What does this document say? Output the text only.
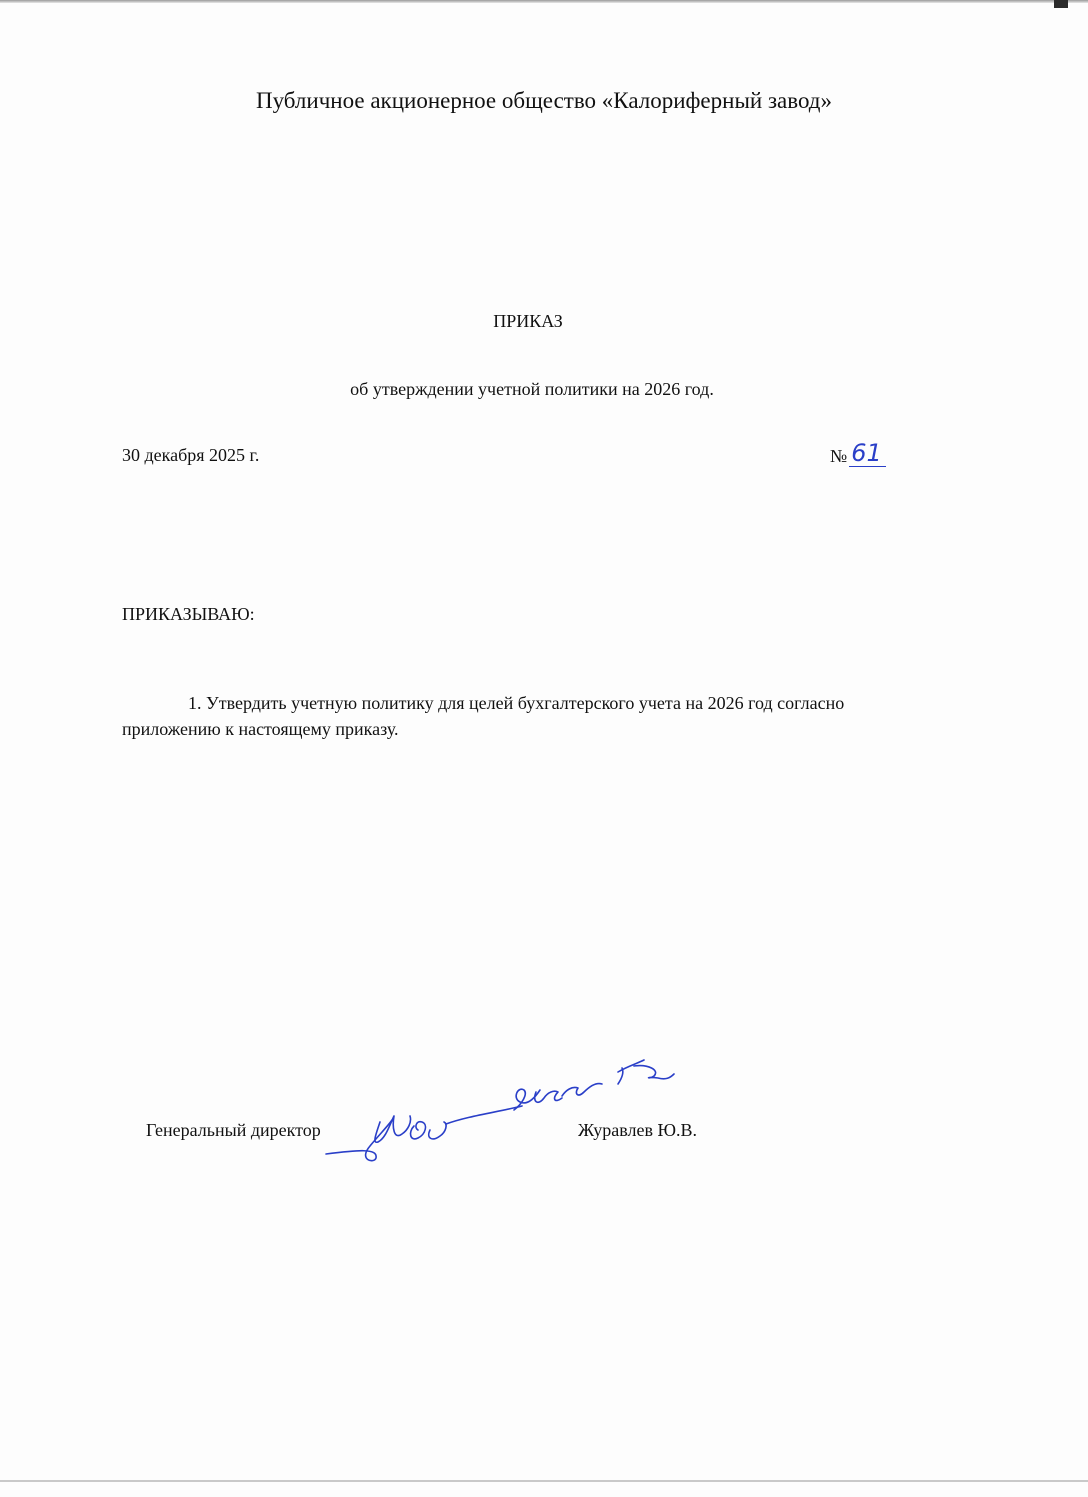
Публичное акционерное общество «Калориферный завод»
ПРИКАЗ
об утверждении учетной политики на 2026 год.
30 декабря 2025 г.	№ 61
ПРИКАЗЫВАЮ:
1. Утвердить учетную политику для целей бухгалтерского учета на 2026 год согласно приложению к настоящему приказу.
Генеральный директор	Журавлев Ю.В.
